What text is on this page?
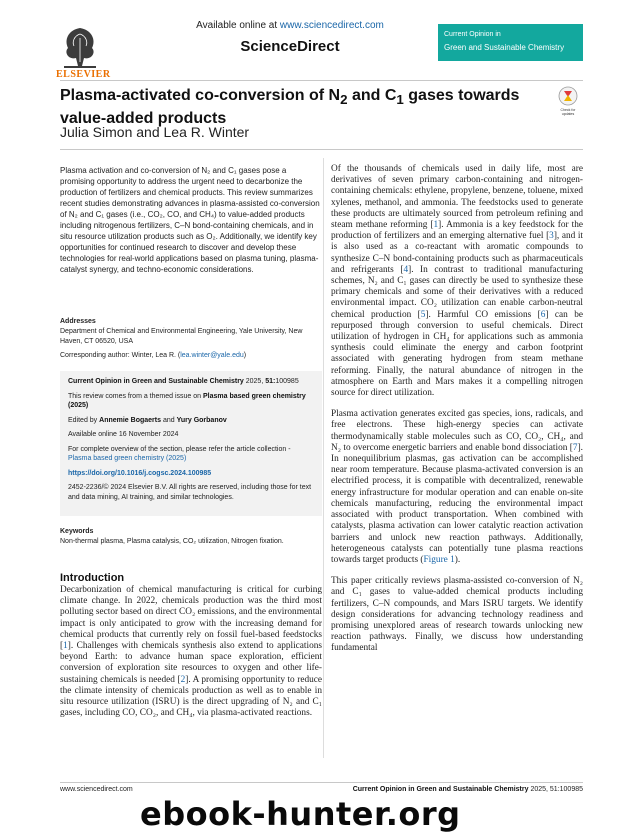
ELSEVIER
Available online at www.sciencedirect.com
ScienceDirect
Current Opinion in
Green and Sustainable Chemistry
Plasma-activated co-conversion of $N_2$ and $C_1$ gases towards value-added products
Julia Simon and Lea R. Winter
Check for
updates
Plasma activation and co-conversion of N₂ and C₁ gases pose a promising opportunity to address the urgent need to decarbonize the production of fertilizers and chemical products. This review summarizes recent studies demonstrating advances in plasma-assisted co-conversion of N₂ and C₁ gases (i.e., CO₂, CO, and CH₄) to value-added products including nitrogenous fertilizers, C–N bond-containing chemicals, and in situ resource utilization products such as O₂. Additionally, we identify key opportunities for continued research to discover and develop these technologies for real-world applications based on plasma tuning, plasma-catalyst synergy, and techno-economic considerations.
Addresses
Department of Chemical and Environmental Engineering, Yale University, New Haven, CT 06520, USA
Corresponding author: Winter, Lea R. (lea.winter@yale.edu)

Current Opinion in Green and Sustainable Chemistry 2025, 51:100985

This review comes from a themed issue on Plasma based green chemistry (2025)

Edited by Annemie Bogaerts and Yury Gorbanov

Available online 16 November 2024

For complete overview of the section, please refer the article collection - Plasma based green chemistry (2025)

https://doi.org/10.1016/j.cogsc.2024.100985

2452-2236/© 2024 Elsevier B.V. All rights are reserved, including those for text and data mining, AI training, and similar technologies.

Keywords
Non-thermal plasma, Plasma catalysis, CO₂ utilization, Nitrogen fixation.
Introduction
Decarbonization of chemical manufacturing is critical for curbing climate change. In 2022, chemicals production was the third most polluting sector based on direct CO₂ emissions, and the environmental impact is only anticipated to grow with the increasing demand for chemical products that currently rely on fossil fuel-based feedstocks [1]. Challenges with chemicals synthesis also extend to applications beyond Earth: to advance human space exploration, efficient conversion of exploration site resources to oxygen and other life-sustaining chemicals is needed [2]. A promising opportunity to reduce the climate intensity of chemicals production as well as to enable in situ resource utilization (ISRU) is the direct upgrading of N₂ and C₁ gases, including CO, CO₂, and CH₄, via plasma-activated reactions.

Of the thousands of chemicals used in daily life, most are derivatives of seven primary carbon-containing and nitrogen-containing chemicals: ethylene, propylene, benzene, toluene, mixed xylenes, methanol, and ammonia. The feedstocks used to generate these products are ultimately sourced from petroleum refining and steam methane reforming [1]. Ammonia is a key feedstock for the production of fertilizers and an emerging alternative fuel [3], and it is also used as a co-reactant with aromatic compounds to synthesize C–N bond-containing products such as pharmaceuticals and refrigerants [4]. In contrast to traditional manufacturing schemes, N₂ and C₁ gases can directly be used to synthesize these primary chemicals and some of their derivatives with a reduced environmental impact. CO₂ utilization can enable carbon-neutral chemical production [5]. Harmful CO emissions [6] can be repurposed through conversion to useful chemicals. Direct utilization of hydrogen in CH₄ for applications such as ammonia synthesis could eliminate the energy and carbon footprint associated with generating hydrogen from steam methane reforming. Finally, the natural abundance of nitrogen in the atmosphere on Earth and Mars makes it a compelling nitrogen source for direct utilization.

Plasma activation generates excited gas species, ions, radicals, and free electrons. These high-energy species can activate thermodynamically stable molecules such as CO, CO₂, CH₄, and N₂ to overcome energetic barriers and enable bond dissociation [7]. In nonequilibrium plasmas, gas activation can be accomplished near room temperature. Because plasma-activated conversion is an electrified process, it is compatible with decentralized, renewable energy infrastructure for modular operation and can enable on-site chemicals manufacturing, reducing the environmental impact associated with product transportation. When combined with catalysts, plasma activation can lower catalytic reaction activation barriers and unlock new reaction pathways. Additionally, heterogeneous catalysts can potentially tune plasma reactions towards target products (Figure 1).

This paper critically reviews plasma-assisted co-conversion of N₂ and C₁ gases to value-added chemical products including fertilizers, C–N compounds, and Mars ISRU targets. We identify design considerations for advancing technology readiness and promising unexplored areas of research towards unlocking new reaction pathways. Finally, we discuss how understanding fundamental

www.sciencedirect.com	Current Opinion in Green and Sustainable Chemistry 2025, 51:100985
ebook-hunter.org
